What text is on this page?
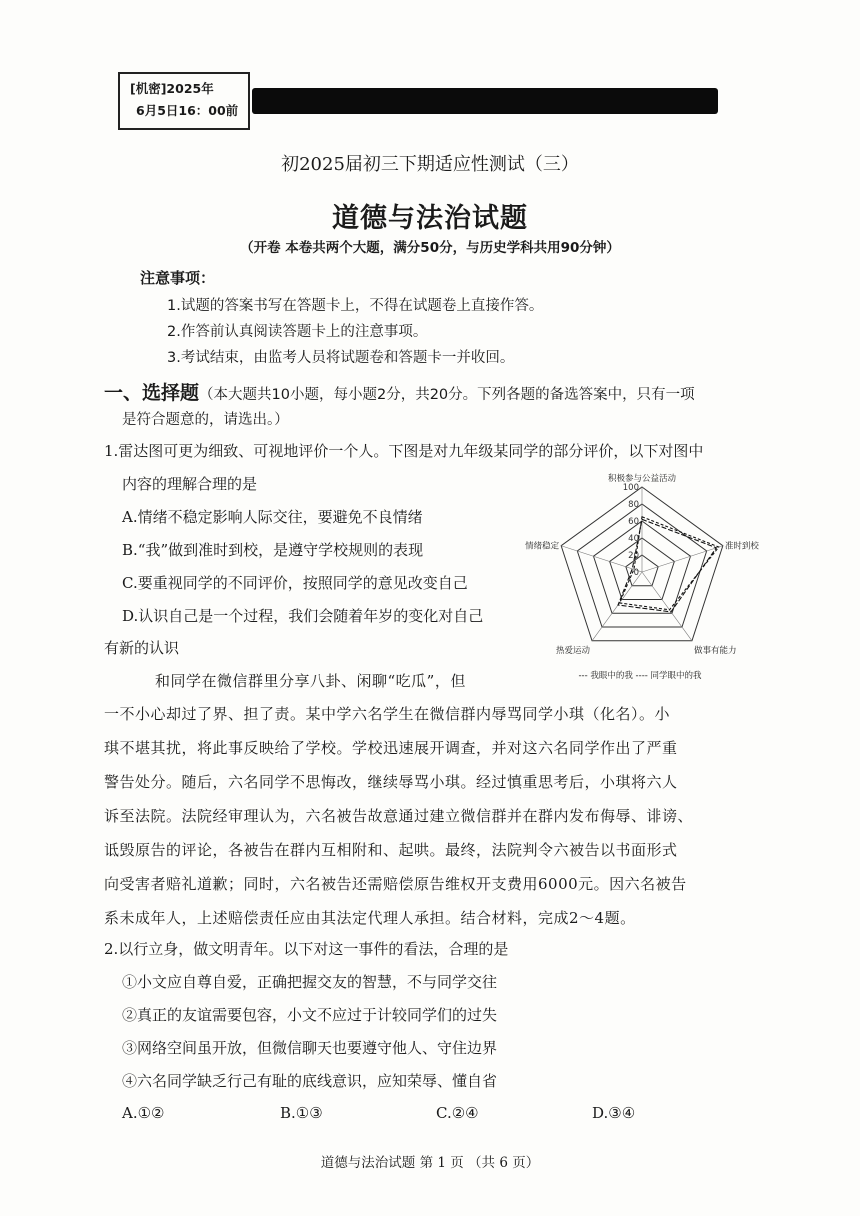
[机密]2025年
6月5日16：00前
初2025届初三下期适应性测试（三）
道德与法治试题
（开卷 本卷共两个大题，满分50分，与历史学科共用90分钟）
注意事项：
1.试题的答案书写在答题卡上，不得在试题卷上直接作答。
2.作答前认真阅读答题卡上的注意事项。
3.考试结束，由监考人员将试题卷和答题卡一并收回。
一、选择题（本大题共10小题，每小题2分，共20分。下列各题的备选答案中，只有一项
是符合题意的，请选出。）
1.雷达图可更为细致、可视地评价一个人。下图是对九年级某同学的部分评价，以下对图中
内容的理解合理的是
A.情绪不稳定影响人际交往，要避免不良情绪
B.“我”做到准时到校，是遵守学校规则的表现
C.要重视同学的不同评价，按照同学的意见改变自己
D.认识自己是一个过程，我们会随着年岁的变化对自己
有新的认识
0
20
40
60
80
100
积极参与公益活动
准时到校
做事有能力
热爱运动
情绪稳定
--- 我眼中的我 ---- 同学眼中的我
和同学在微信群里分享八卦、闲聊“吃瓜”，但
一不小心却过了界、担了责。某中学六名学生在微信群内辱骂同学小琪（化名）。小
琪不堪其扰，将此事反映给了学校。学校迅速展开调查，并对这六名同学作出了严重
警告处分。随后，六名同学不思悔改，继续辱骂小琪。经过慎重思考后，小琪将六人
诉至法院。法院经审理认为，六名被告故意通过建立微信群并在群内发布侮辱、诽谤、
诋毁原告的评论，各被告在群内互相附和、起哄。最终，法院判令六被告以书面形式
向受害者赔礼道歉；同时，六名被告还需赔偿原告维权开支费用6000元。因六名被告
系未成年人，上述赔偿责任应由其法定代理人承担。结合材料，完成2～4题。
2.以行立身，做文明青年。以下对这一事件的看法，合理的是
①小文应自尊自爱，正确把握交友的智慧，不与同学交往
②真正的友谊需要包容，小文不应过于计较同学们的过失
③网络空间虽开放，但微信聊天也要遵守他人、守住边界
④六名同学缺乏行己有耻的底线意识，应知荣辱、懂自省
A.①②	B.①③	C.②④	D.③④
道德与法治试题 第 1 页 （共 6 页）
